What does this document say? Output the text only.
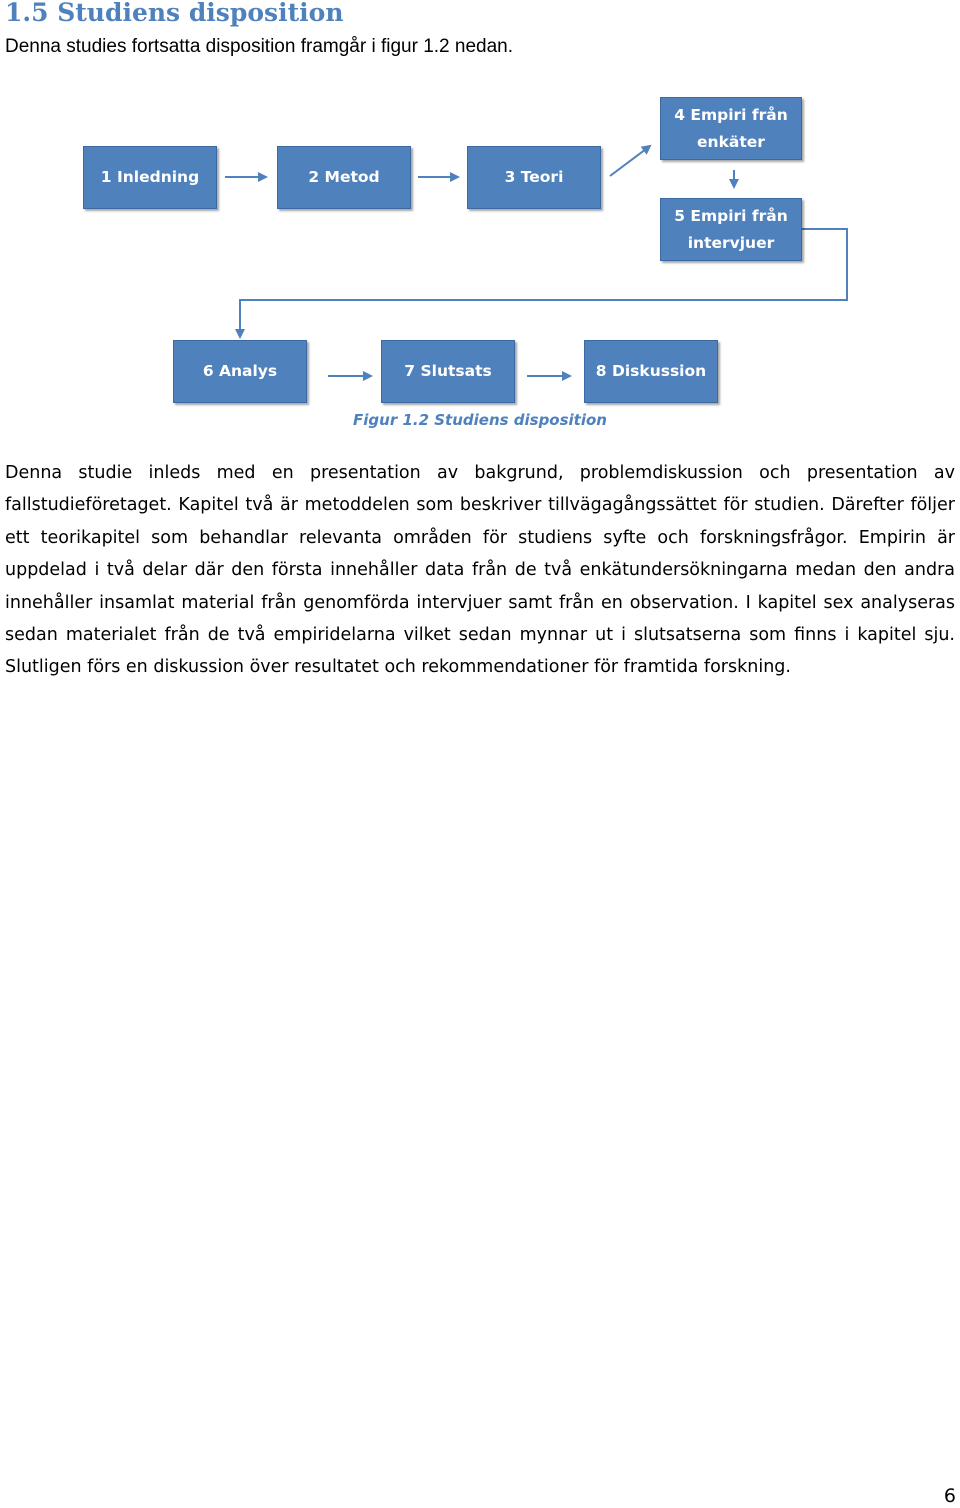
1.5 Studiens disposition
Denna studies fortsatta disposition framgår i figur 1.2 nedan.
1 Inledning	2 Metod	3 Teori
4 Empiri från
enkäter
5 Empiri från
intervjuer
6 Analys	7 Slutsats	8 Diskussion
Figur 1.2 Studiens disposition

Denna studie inleds med en presentation av bakgrund, problemdiskussion och presentation av fallstudieföretaget. Kapitel två är metoddelen som beskriver tillvägagångssättet för studien. Därefter följer ett teorikapitel som behandlar relevanta områden för studiens syfte och forskningsfrågor. Empirin är uppdelad i två delar där den första innehåller data från de två enkätundersökningarna medan den andra innehåller insamlat material från genomförda intervjuer samt från en observation. I kapitel sex analyseras sedan materialet från de två empiridelarna vilket sedan mynnar ut i slutsatserna som finns i kapitel sju. Slutligen förs en diskussion över resultatet och rekommendationer för framtida forskning.

6
